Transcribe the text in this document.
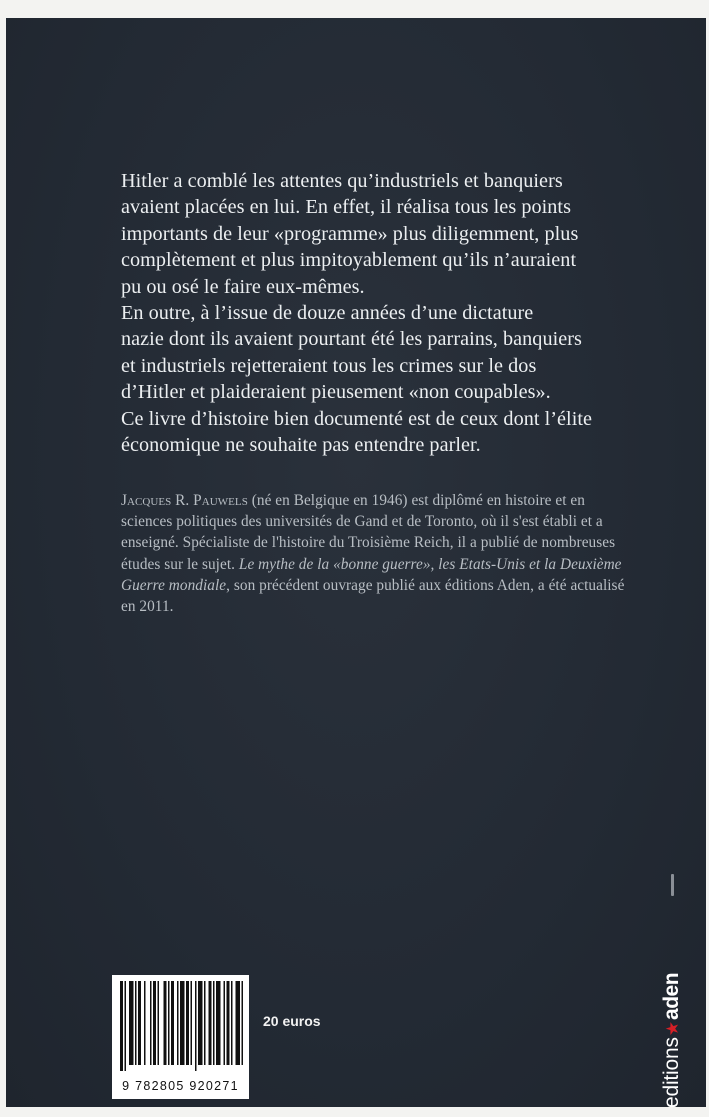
Hitler a comblé les attentes qu’industriels et banquiers

avaient placées en lui. En effet, il réalisa tous les points

importants de leur «programme» plus diligemment, plus

complètement et plus impitoyablement qu’ils n’auraient

pu ou osé le faire eux-mêmes.

En outre, à l’issue de douze années d’une dictature

nazie dont ils avaient pourtant été les parrains, banquiers

et industriels rejetteraient tous les crimes sur le dos

d’Hitler et plaideraient pieusement «non coupables».

Ce livre d’histoire bien documenté est de ceux dont l’élite

économique ne souhaite pas entendre parler.

Jacques R. Pauwels (né en Belgique en 1946) est diplômé en histoire et en sciences politiques des universités de Gand et de Toronto, où il s'est établi et a enseigné. Spécialiste de l'histoire du Troisième Reich, il a publié de nombreuses études sur le sujet. Le mythe de la «bonne guerre», les Etats-Unis et la Deuxième Guerre mondiale, son précédent ouvrage publié aux éditions Aden, a été actualisé en 2011.
20 euros
editions★aden
9 782805 920271
